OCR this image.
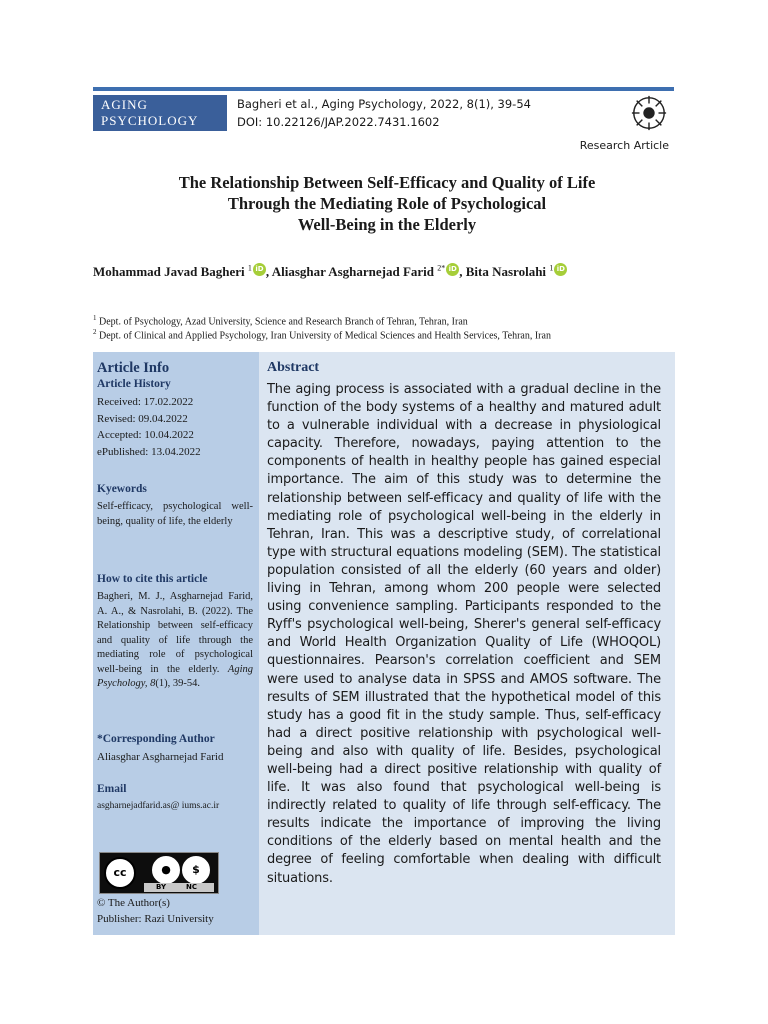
AGING
PSYCHOLOGY
Bagheri et al., Aging Psychology, 2022, 8(1), 39-54
DOI: 10.22126/JAP.2022.7431.1602
Research Article
The Relationship Between Self-Efficacy and Quality of Life
Through the Mediating Role of Psychological
Well-Being in the Elderly
Mohammad Javad Bagheri $^1$ iD , Aliasghar Asgharnejad Farid $^{2*}$ iD , Bita Nasrolahi $^1$ iD
$^1$ Dept. of Psychology, Azad University, Science and Research Branch of Tehran, Tehran, Iran
$^2$ Dept. of Clinical and Applied Psychology, Iran University of Medical Sciences and Health Services, Tehran, Iran
Article Info
Article History
Received: 17.02.2022
Revised: 09.04.2022
Accepted: 10.04.2022
ePublished: 13.04.2022
Kyewords
Self-efficacy, psychological well-being, quality of life, the elderly
How to cite this article
Bagheri, M. J., Asgharnejad Farid, A. A., & Nasrolahi, B. (2022). The Relationship between self-efficacy and quality of life through the mediating role of psychological well-being in the elderly. Aging Psychology, 8(1), 39-54.
*Corresponding Author
Aliasghar Asgharnejad Farid
Email
asgharnejadfarid.as@ iums.ac.ir
cc	●	$
BY	NC
© The Author(s)
Publisher: Razi University
Abstract
The aging process is associated with a gradual decline in the function of the body systems of a healthy and matured adult to a vulnerable individual with a decrease in physiological capacity. Therefore, nowadays, paying attention to the components of health in healthy people has gained especial importance. The aim of this study was to determine the relationship between self-efficacy and quality of life with the mediating role of psychological well-being in the elderly in Tehran, Iran. This was a descriptive study, of correlational type with structural equations modeling (SEM). The statistical population consisted of all the elderly (60 years and older) living in Tehran, among whom 200 people were selected using convenience sampling. Participants responded to the Ryff's psychological well-being, Sherer's general self-efficacy and World Health Organization Quality of Life (WHOQOL) questionnaires. Pearson's correlation coefficient and SEM were used to analyse data in SPSS and AMOS software. The results of SEM illustrated that the hypothetical model of this study has a good fit in the study sample. Thus, self-efficacy had a direct positive relationship with psychological well-being and also with quality of life. Besides, psychological well-being had a direct positive relationship with quality of life. It was also found that psychological well-being is indirectly related to quality of life through self-efficacy. The results indicate the importance of improving the living conditions of the elderly based on mental health and the degree of feeling comfortable when dealing with difficult situations.
